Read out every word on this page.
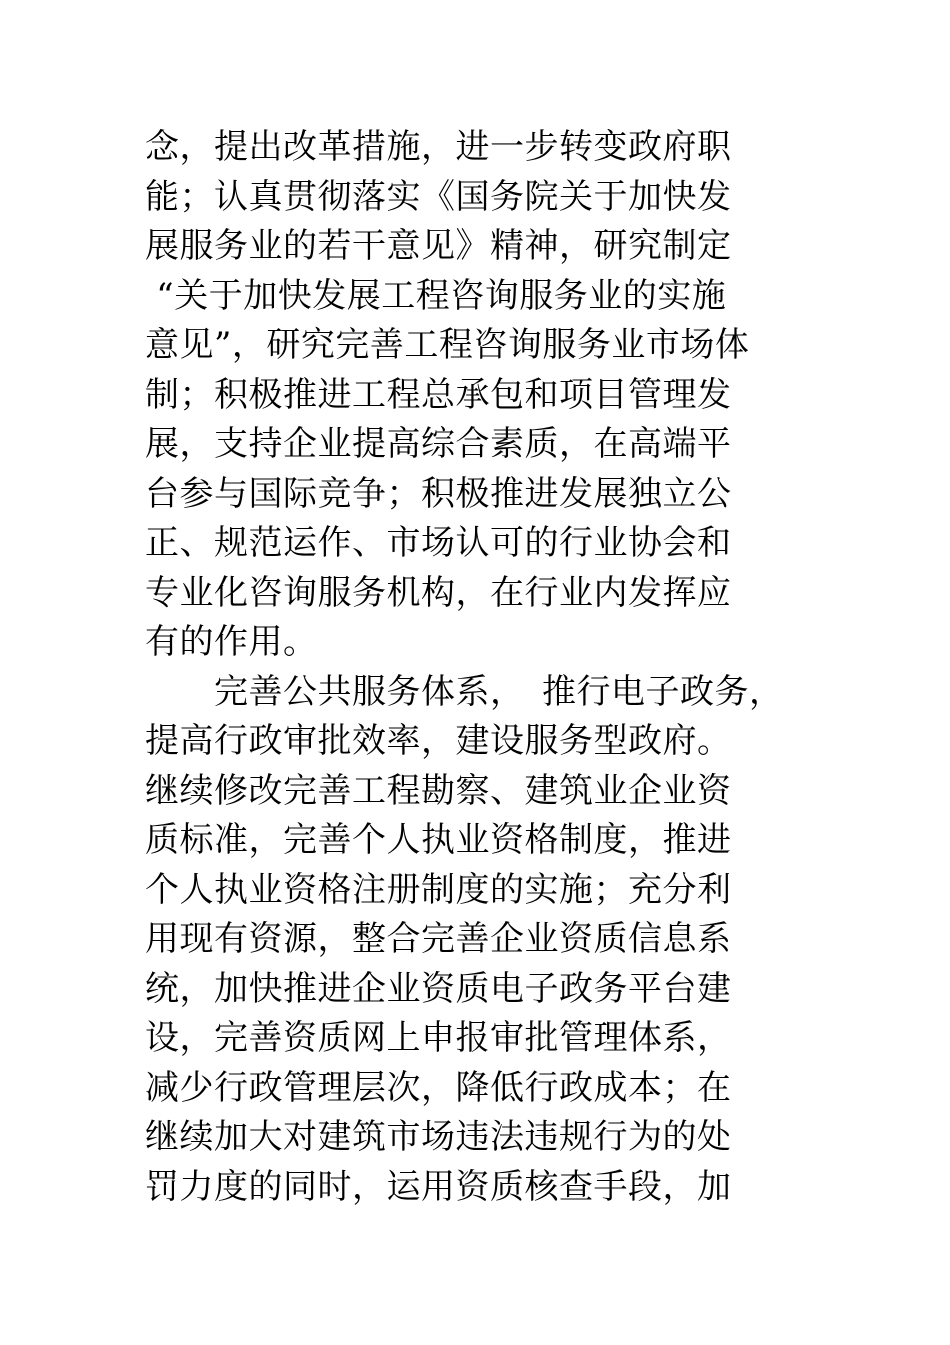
念，提出改革措施，进一步转变政府职
能；认真贯彻落实《国务院关于加快发
展服务业的若干意见》精神，研究制定
“关于加快发展工程咨询服务业的实施
意见”，研究完善工程咨询服务业市场体
制；积极推进工程总承包和项目管理发
展，支持企业提高综合素质，在高端平
台参与国际竞争；积极推进发展独立公
正、规范运作、市场认可的行业协会和
专业化咨询服务机构，在行业内发挥应
有的作用。
　　完善公共服务体系，　推行电子政务，
提高行政审批效率，建设服务型政府。
继续修改完善工程勘察、建筑业企业资
质标准，完善个人执业资格制度，推进
个人执业资格注册制度的实施；充分利
用现有资源，整合完善企业资质信息系
统，加快推进企业资质电子政务平台建
设，完善资质网上申报审批管理体系，
减少行政管理层次，降低行政成本；在
继续加大对建筑市场违法违规行为的处
罚力度的同时，运用资质核查手段，加
